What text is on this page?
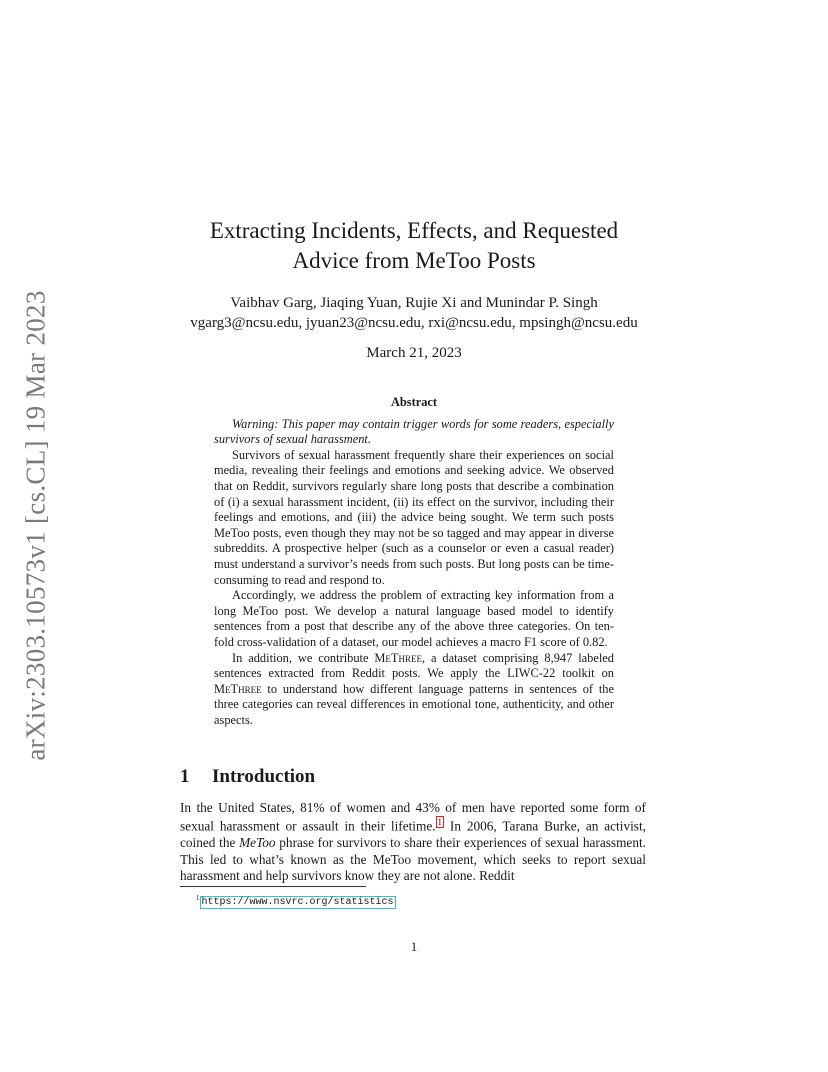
arXiv:2303.10573v1 [cs.CL] 19 Mar 2023
Extracting Incidents, Effects, and Requested
Advice from MeToo Posts
Vaibhav Garg, Jiaqing Yuan, Rujie Xi and Munindar P. Singh
vgarg3@ncsu.edu, jyuan23@ncsu.edu, rxi@ncsu.edu, mpsingh@ncsu.edu
March 21, 2023
Abstract

Warning: This paper may contain trigger words for some readers, especially survivors of sexual harassment.

Survivors of sexual harassment frequently share their experiences on social media, revealing their feelings and emotions and seeking advice. We observed that on Reddit, survivors regularly share long posts that describe a combination of (i) a sexual harassment incident, (ii) its effect on the survivor, including their feelings and emotions, and (iii) the advice being sought. We term such posts MeToo posts, even though they may not be so tagged and may appear in diverse subreddits. A prospective helper (such as a counselor or even a casual reader) must understand a survivor’s needs from such posts. But long posts can be time-consuming to read and respond to.

Accordingly, we address the problem of extracting key information from a long MeToo post. We develop a natural language based model to identify sentences from a post that describe any of the above three categories. On ten-fold cross-validation of a dataset, our model achieves a macro F1 score of 0.82.

In addition, we contribute MeThree, a dataset comprising 8,947 labeled sentences extracted from Reddit posts. We apply the LIWC-22 toolkit on MeThree to understand how different language patterns in sentences of the three categories can reveal differences in emotional tone, authenticity, and other aspects.

1 Introduction

In the United States, 81% of women and 43% of men have reported some form of sexual harassment or assault in their lifetime. 1 In 2006, Tarana Burke, an activist, coined the MeToo phrase for survivors to share their experiences of sexual harassment. This led to what’s known as the MeToo movement, which seeks to report sexual harassment and help survivors know they are not alone. Reddit

$^1$ https://www.nsvrc.org/statistics
1
